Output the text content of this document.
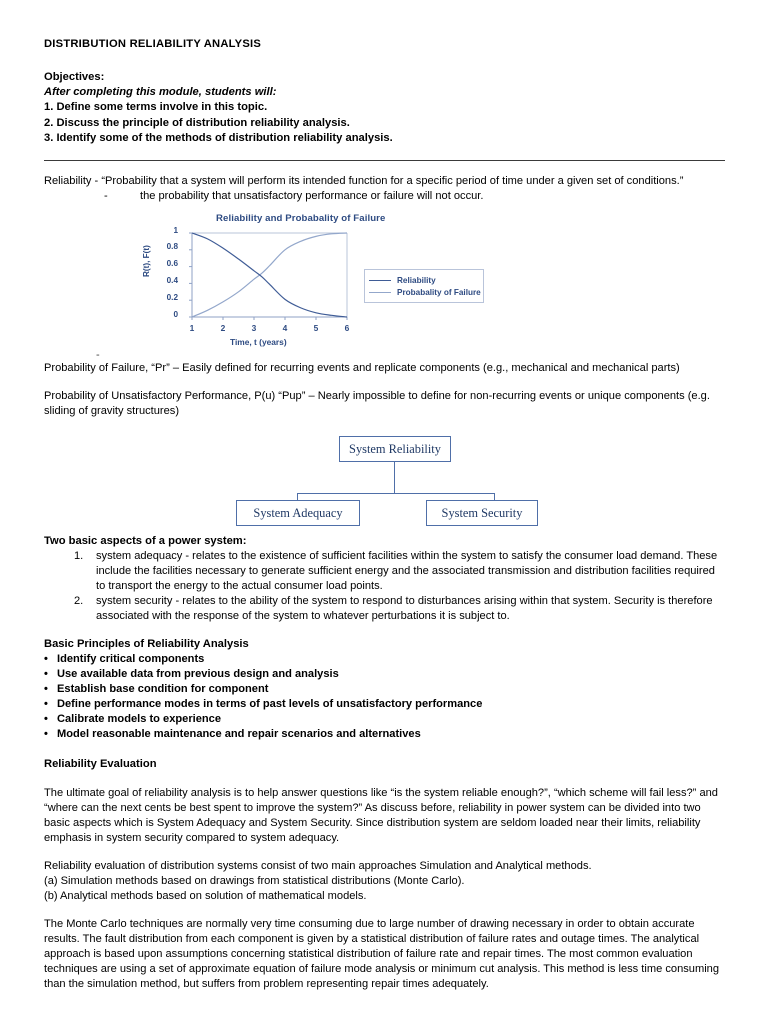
DISTRIBUTION RELIABILITY ANALYSIS
Objectives:
After completing this module, students will:
1. Define some terms involve in this topic.
2. Discuss the principle of distribution reliability analysis.
3. Identify some of the methods of distribution reliability analysis.
Reliability - “Probability that a system will perform its intended function for a specific period of time under a given set of conditions.”
-	the probability that unsatisfactory performance or failure will not occur.
Reliability and Probabality of Failure
R(t), F(t)
Time, t (years)
1
0.8
0.6
0.4
0.2
0
1	2	3	4	5	6
Reliability
Probabality of Failure
-
Probability of Failure, “Pr” – Easily defined for recurring events and replicate components (e.g., mechanical and mechanical parts)
Probability of Unsatisfactory Performance, P(u) “Pup” – Nearly impossible to define for non-recurring events or unique components (e.g. sliding of gravity structures)
System Reliability
System Adequacy	System Security
Two basic aspects of a power system:
1.	system adequacy - relates to the existence of sufficient facilities within the system to satisfy the consumer load demand. These include the facilities necessary to generate sufficient energy and the associated transmission and distribution facilities required to transport the energy to the actual consumer load points.
2.	system security - relates to the ability of the system to respond to disturbances arising within that system. Security is therefore associated with the response of the system to whatever perturbations it is subject to.
Basic Principles of Reliability Analysis
• Identify critical components
• Use available data from previous design and analysis
• Establish base condition for component
• Define performance modes in terms of past levels of unsatisfactory performance
• Calibrate models to experience
• Model reasonable maintenance and repair scenarios and alternatives
Reliability Evaluation
The ultimate goal of reliability analysis is to help answer questions like “is the system reliable enough?”, “which scheme will fail less?” and “where can the next cents be best spent to improve the system?” As discuss before, reliability in power system can be divided into two basic aspects which is System Adequacy and System Security. Since distribution system are seldom loaded near their limits, reliability emphasis in system security compared to system adequacy.
Reliability evaluation of distribution systems consist of two main approaches Simulation and Analytical methods.
(a) Simulation methods based on drawings from statistical distributions (Monte Carlo).
(b) Analytical methods based on solution of mathematical models.
The Monte Carlo techniques are normally very time consuming due to large number of drawing necessary in order to obtain accurate results. The fault distribution from each component is given by a statistical distribution of failure rates and outage times. The analytical approach is based upon assumptions concerning statistical distribution of failure rate and repair times. The most common evaluation techniques are using a set of approximate equation of failure mode analysis or minimum cut analysis. This method is less time consuming than the simulation method, but suffers from problem representing repair times adequately.
